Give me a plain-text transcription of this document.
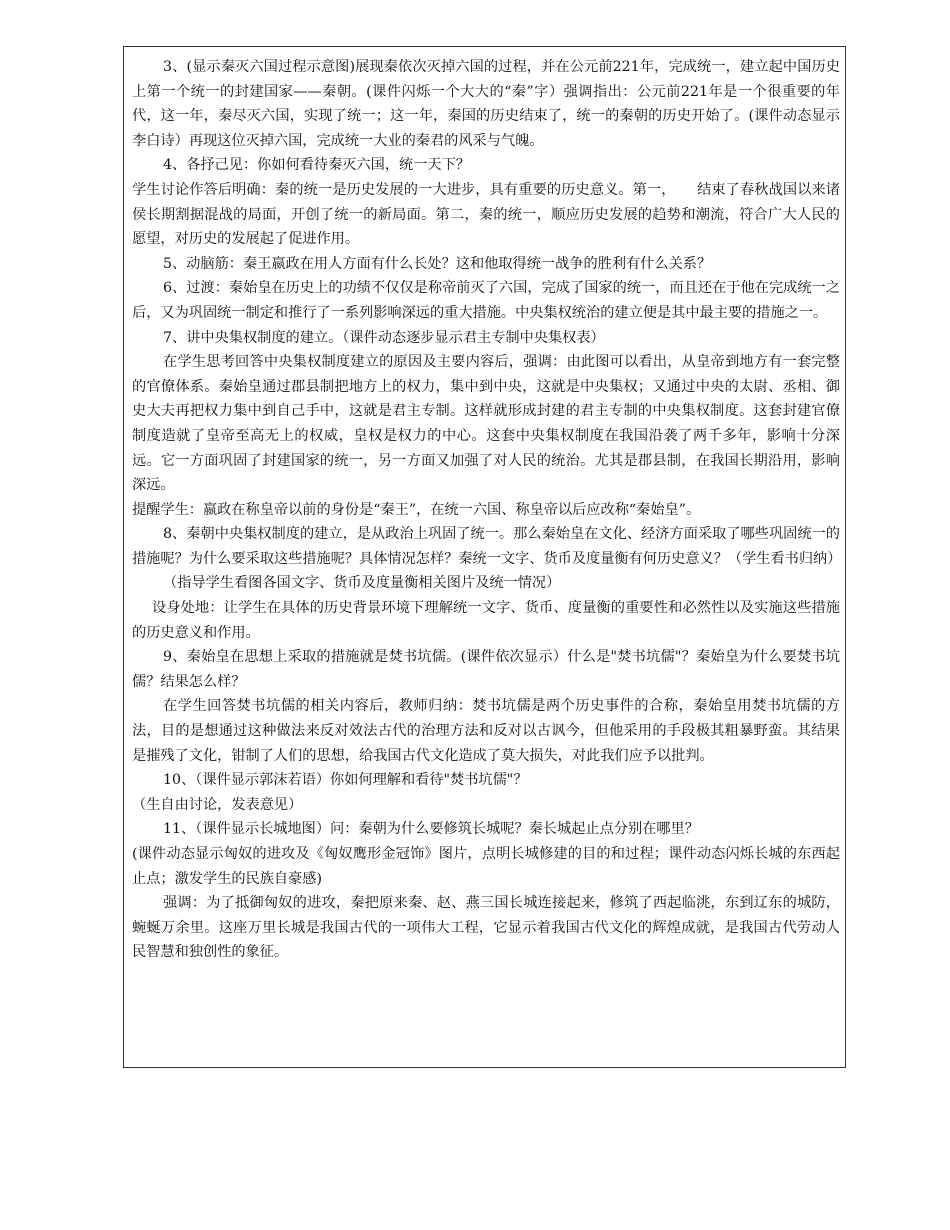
3、(显示秦灭六国过程示意图)展现秦依次灭掉六国的过程，并在公元前221年，完成统一，建立起中国历史上第一个统一的封建国家——秦朝。(课件闪烁一个大大的“秦”字）强调指出：公元前221年是一个很重要的年代，这一年，秦尽灭六国，实现了统一；这一年，秦国的历史结束了，统一的秦朝的历史开始了。(课件动态显示李白诗）再现这位灭掉六国，完成统一大业的秦君的风采与气魄。

4、各抒己见：你如何看待秦灭六国，统一天下？

学生讨论作答后明确：秦的统一是历史发展的一大进步，具有重要的历史意义。第一，　　结束了春秋战国以来诸侯长期割据混战的局面，开创了统一的新局面。第二，秦的统一，顺应历史发展的趋势和潮流，符合广大人民的愿望，对历史的发展起了促进作用。

5、动脑筋：秦王嬴政在用人方面有什么长处？这和他取得统一战争的胜利有什么关系？

6、过渡：秦始皇在历史上的功绩不仅仅是称帝前灭了六国，完成了国家的统一，而且还在于他在完成统一之后，又为巩固统一制定和推行了一系列影响深远的重大措施。中央集权统治的建立便是其中最主要的措施之一。

7、讲中央集权制度的建立。（课件动态逐步显示君主专制中央集权表）

在学生思考回答中央集权制度建立的原因及主要内容后，强调：由此图可以看出，从皇帝到地方有一套完整的官僚体系。秦始皇通过郡县制把地方上的权力，集中到中央，这就是中央集权；又通过中央的太尉、丞相、御史大夫再把权力集中到自己手中，这就是君主专制。这样就形成封建的君主专制的中央集权制度。这套封建官僚制度造就了皇帝至高无上的权威，皇权是权力的中心。这套中央集权制度在我国沿袭了两千多年，影响十分深远。它一方面巩固了封建国家的统一，另一方面又加强了对人民的统治。尤其是郡县制，在我国长期沿用，影响深远。

提醒学生：嬴政在称皇帝以前的身份是“秦王”，在统一六国、称皇帝以后应改称“秦始皇”。

8、秦朝中央集权制度的建立，是从政治上巩固了统一。那么秦始皇在文化、经济方面采取了哪些巩固统一的措施呢？为什么要采取这些措施呢？具体情况怎样？秦统一文字、货币及度量衡有何历史意义？（学生看书归纳）

（指导学生看图各国文字、货币及度量衡相关图片及统一情况）

设身处地：让学生在具体的历史背景环境下理解统一文字、货币、度量衡的重要性和必然性以及实施这些措施的历史意义和作用。

9、秦始皇在思想上采取的措施就是焚书坑儒。(课件依次显示）什么是"焚书坑儒"？秦始皇为什么要焚书坑儒？结果怎么样？

在学生回答焚书坑儒的相关内容后，教师归纳：焚书坑儒是两个历史事件的合称，秦始皇用焚书坑儒的方法，目的是想通过这种做法来反对效法古代的治理方法和反对以古讽今，但他采用的手段极其粗暴野蛮。其结果是摧残了文化，钳制了人们的思想，给我国古代文化造成了莫大损失，对此我们应予以批判。

10、（课件显示郭沫若语）你如何理解和看待"焚书坑儒"？

（生自由讨论，发表意见）

11、（课件显示长城地图）问：秦朝为什么要修筑长城呢？秦长城起止点分别在哪里？

(课件动态显示匈奴的进攻及《匈奴鹰形金冠饰》图片，点明长城修建的目的和过程；课件动态闪烁长城的东西起止点；激发学生的民族自豪感)

强调：为了抵御匈奴的进攻，秦把原来秦、赵、燕三国长城连接起来，修筑了西起临洮，东到辽东的城防，蜿蜒万余里。这座万里长城是我国古代的一项伟大工程，它显示着我国古代文化的辉煌成就，是我国古代劳动人民智慧和独创性的象征。
